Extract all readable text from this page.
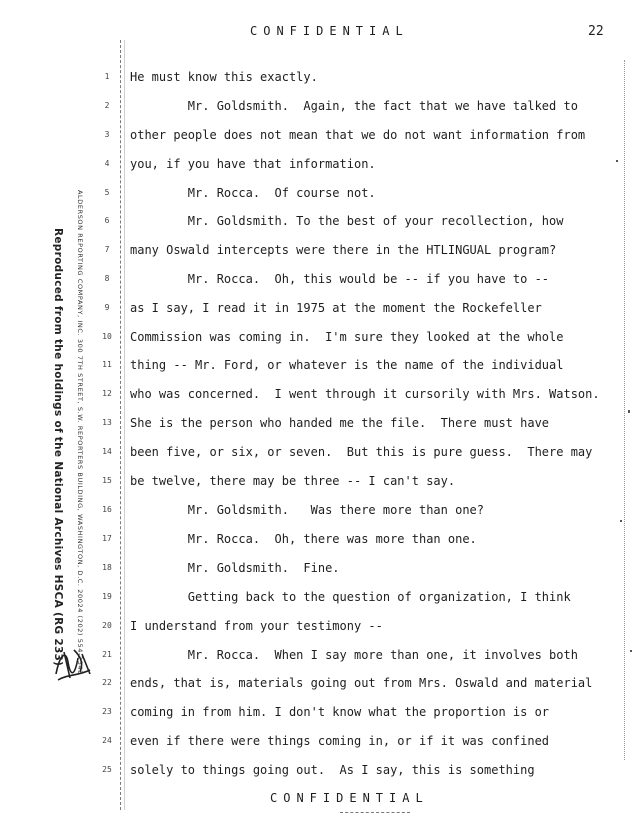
CONFIDENTIAL	22
ALDERSON REPORTING COMPANY, INC. 300 7TH STREET, S.W. REPORTERS BUILDING, WASHINGTON, D.C. 20024 (202) 554-2345
Reproduced from the holdings of the National Archives HSCA (RG 233)
1	He must know this exactly.
2	Mr. Goldsmith.  Again, the fact that we have talked to
3	other people does not mean that we do not want information from
4	you, if you have that information.
5	Mr. Rocca.  Of course not.
6	Mr. Goldsmith. To the best of your recollection, how
7	many Oswald intercepts were there in the HTLINGUAL program?
8	Mr. Rocca.  Oh, this would be -- if you have to --
9	as I say, I read it in 1975 at the moment the Rockefeller
10 Commission was coming in.  I'm sure they looked at the whole
11 thing -- Mr. Ford, or whatever is the name of the individual
12 who was concerned.  I went through it cursorily with Mrs. Watson.
13 She is the person who handed me the file.  There must have
14 been five, or six, or seven.  But this is pure guess.  There may
15 be twelve, there may be three -- I can't say.
16 Mr. Goldsmith.   Was there more than one?
17 Mr. Rocca.  Oh, there was more than one.
18 Mr. Goldsmith.  Fine.
19 Getting back to the question of organization, I think
20 I understand from your testimony --
21 Mr. Rocca.  When I say more than one, it involves both
22 ends, that is, materials going out from Mrs. Oswald and material
23 coming in from him. I don't know what the proportion is or
24 even if there were things coming in, or if it was confined
25 solely to things going out.  As I say, this is something
CONFIDENTIAL
